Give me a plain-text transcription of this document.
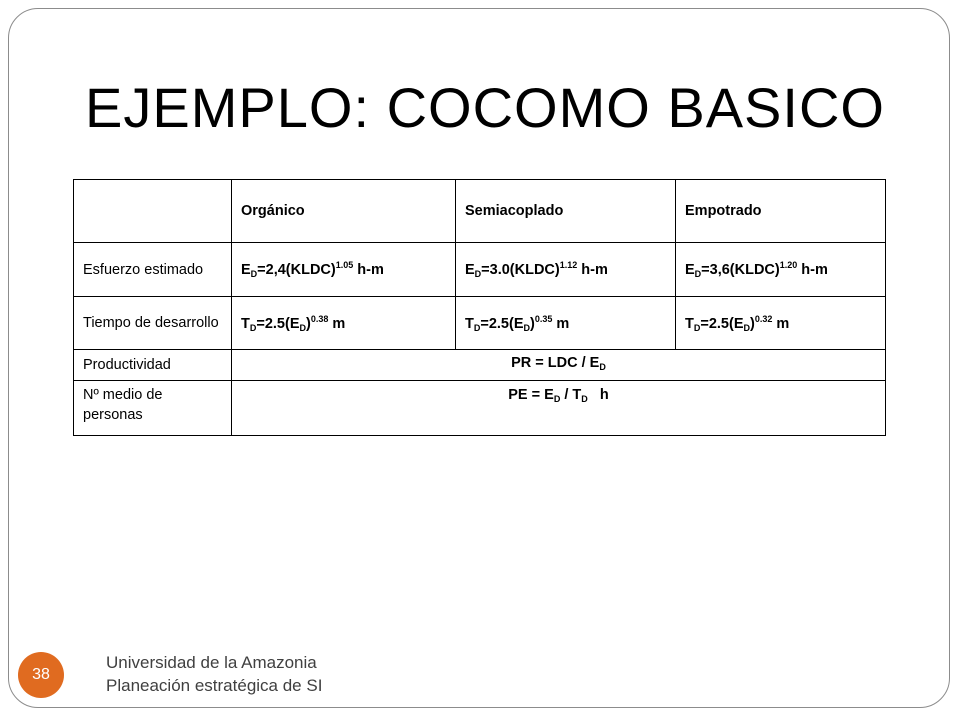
EJEMPLO: COCOMO BASICO
	Orgánico	Semiacoplado	Empotrado
Esfuerzo estimado	$E_D=2,4(KLDC)^{1.05}$ h-m	$E_D=3.0(KLDC)^{1.12}$ h-m	$E_D=3,6(KLDC)^{1.20}$ h-m
Tiempo de desarrollo	$T_D=2.5(E_D)^{0.38}$ m	$T_D=2.5(E_D)^{0.35}$ m	$T_D=2.5(E_D)^{0.32}$ m
Productividad	PR = LDC / $E_D$
Nº medio de personas	PE = $E_D / T_D$   h		
38
Universidad de la Amazonia
Planeación estratégica de SI
